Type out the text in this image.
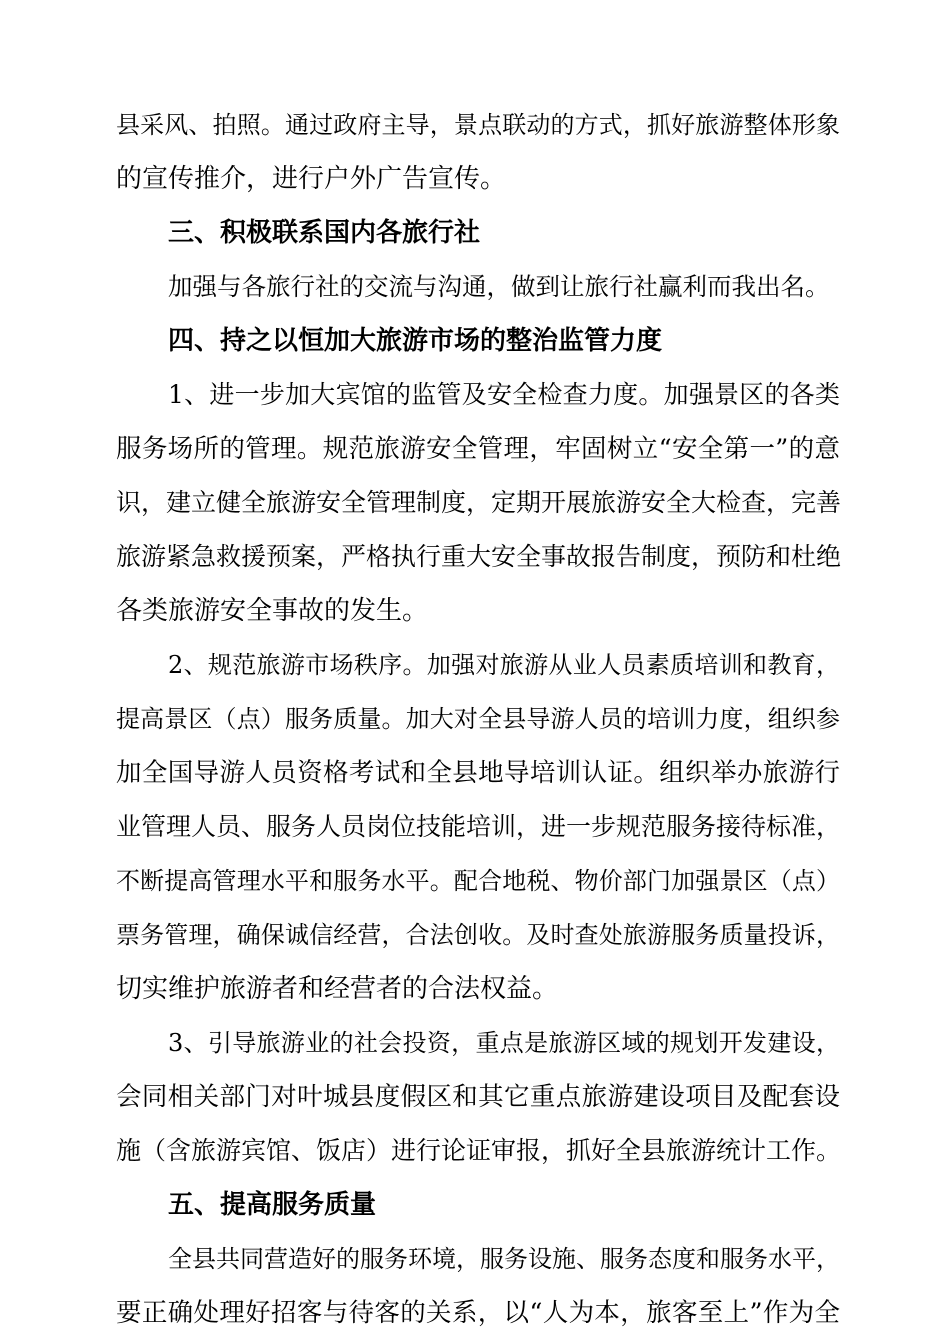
县采风、拍照。通过政府主导，景点联动的方式，抓好旅游整体形象
的宣传推介，进行户外广告宣传。
三、积极联系国内各旅行社
加强与各旅行社的交流与沟通，做到让旅行社赢利而我出名。
四、持之以恒加大旅游市场的整治监管力度
1、进一步加大宾馆的监管及安全检查力度。加强景区的各类
服务场所的管理。规范旅游安全管理，牢固树立“安全第一”的意
识，建立健全旅游安全管理制度，定期开展旅游安全大检查，完善
旅游紧急救援预案，严格执行重大安全事故报告制度，预防和杜绝
各类旅游安全事故的发生。
2、规范旅游市场秩序。加强对旅游从业人员素质培训和教育，
提高景区（点）服务质量。加大对全县导游人员的培训力度，组织参
加全国导游人员资格考试和全县地导培训认证。组织举办旅游行
业管理人员、服务人员岗位技能培训，进一步规范服务接待标准，
不断提高管理水平和服务水平。配合地税、物价部门加强景区（点）
票务管理，确保诚信经营，合法创收。及时查处旅游服务质量投诉，
切实维护旅游者和经营者的合法权益。
3、引导旅游业的社会投资，重点是旅游区域的规划开发建设，
会同相关部门对叶城县度假区和其它重点旅游建设项目及配套设
施（含旅游宾馆、饭店）进行论证审报，抓好全县旅游统计工作。
五、提高服务质量
全县共同营造好的服务环境，服务设施、服务态度和服务水平，
要正确处理好招客与待客的关系，以“人为本，旅客至上”作为全
